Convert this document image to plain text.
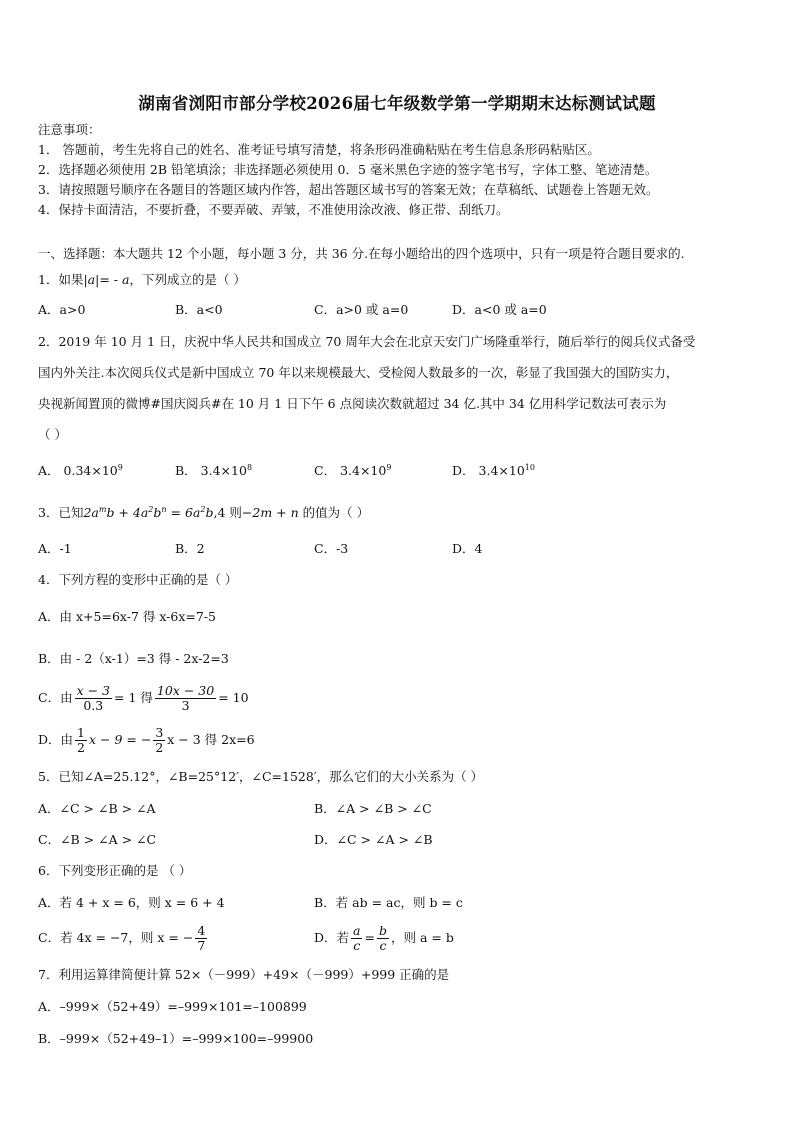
湖南省浏阳市部分学校2026届七年级数学第一学期期末达标测试试题
注意事项：
1． 答题前，考生先将自己的姓名、准考证号填写清楚，将条形码准确粘贴在考生信息条形码粘贴区。
2．选择题必须使用 2B 铅笔填涂；非选择题必须使用 0．5 毫米黑色字迹的签字笔书写，字体工整、笔迹清楚。
3．请按照题号顺序在各题目的答题区域内作答，超出答题区域书写的答案无效；在草稿纸、试题卷上答题无效。
4．保持卡面清洁，不要折叠，不要弄破、弄皱，不准使用涂改液、修正带、刮纸刀。
一、选择题：本大题共 12 个小题，每小题 3 分，共 36 分.在每小题给出的四个选项中，只有一项是符合题目要求的.
1．如果|a|= - a，下列成立的是（ ）
A．a>0	B．a<0	C．a>0 或 a=0	D．a<0 或 a=0
2．2019 年 10 月 1 日，庆祝中华人民共和国成立 70 周年大会在北京天安门广场隆重举行，随后举行的阅兵仪式备受
国内外关注.本次阅兵仪式是新中国成立 70 年以来规模最大、受检阅人数最多的一次，彰显了我国强大的国防实力，
央视新闻置顶的微博#国庆阅兵#在 10 月 1 日下午 6 点阅读次数就超过 34 亿.其中 34 亿用科学记数法可表示为
（ ）
A． $0.34\times 10^9$	B． $3.4\times 10^8$	C． $3.4\times 10^9$	D． $3.4\times 10^{10}$
3．已知$2a^mb + 4a^2b^n = 6a^2b,4$ 则−2m + n 的值为（ ）
A．-1	B．2	C．-3	D．4
4．下列方程的变形中正确的是（ ）
A．由 x+5=6x-7 得 x-6x=7-5
B．由 - 2（x-1）=3 得 - 2x-2=3
C．由 $\frac{x - 3}{0.3} = 1$ 得 $\frac{10x - 30}{3} = 10$
D．由 $\frac{1}{2}$ x − 9 = − $\frac{3}{2}$ x − 3 得 2x=6
5．已知∠A=25.12°，∠B=25°12′，∠C=1528′，那么它们的大小关系为（ ）
A．∠C > ∠B > ∠A	B．∠A > ∠B > ∠C
C．∠B > ∠A > ∠C	D．∠C > ∠A > ∠B
6．下列变形正确的是 （ ）
A．若 4 + x = 6，则 x = 6 + 4	B．若 ab = ac，则 b = c
C．若 4x = −7，则 x = − $\frac{4}{7}$	D．若 $\frac{a}{c} = \frac{b}{c}$ ，则 a = b
7．利用运算律简便计算 52×（－999）+49×（－999）+999 正确的是
A．–999×（52+49）=–999×101=–100899
B．–999×（52+49–1）=–999×100=–99900
